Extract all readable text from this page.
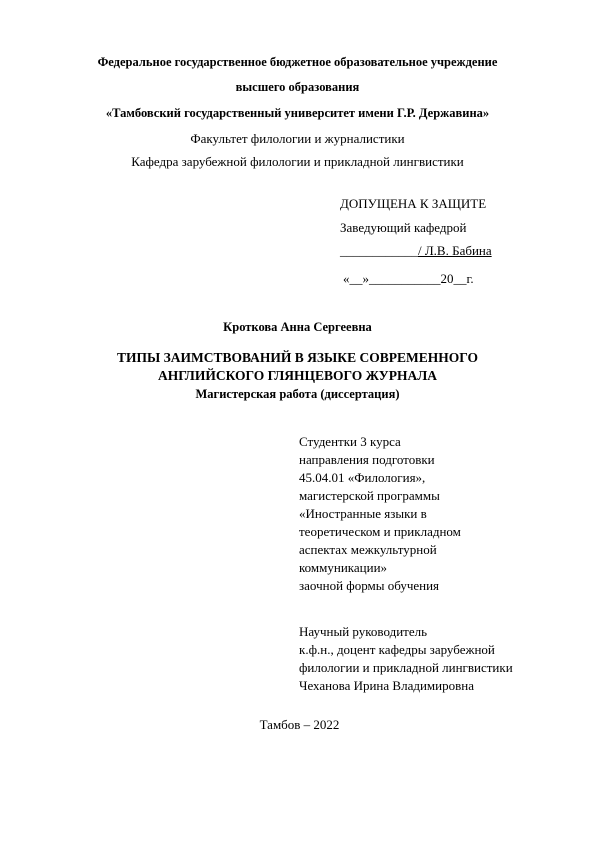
Федеральное государственное бюджетное образовательное учреждение
высшего образования
«Тамбовский государственный университет имени Г.Р. Державина»
Факультет филологии и журналистики
Кафедра зарубежной филологии и прикладной лингвистики
ДОПУЩЕНА К ЗАЩИТЕ
Заведующий кафедрой
____________/ Л.В. Бабина
«__»___________20__г.
Кроткова Анна Сергеевна
ТИПЫ ЗАИМСТВОВАНИЙ В ЯЗЫКЕ СОВРЕМЕННОГО
АНГЛИЙСКОГО ГЛЯНЦЕВОГО ЖУРНАЛА
Магистерская работа (диссертация)
Студентки 3 курса
направления подготовки
45.04.01 «Филология»,
магистерской программы
«Иностранные языки в
теоретическом и прикладном
аспектах межкультурной
коммуникации»
заочной формы обучения
Научный руководитель
к.ф.н., доцент кафедры зарубежной
филологии и прикладной лингвистики
Чеханова Ирина Владимировна
Тамбов – 2022
